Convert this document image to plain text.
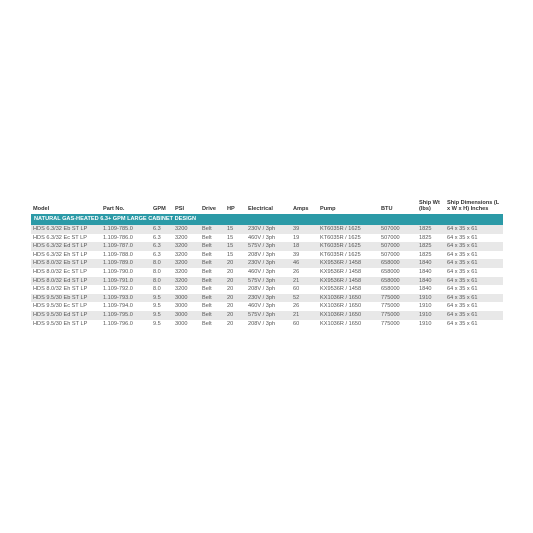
Model	Part No.	GPM	PSI	Drive	HP	Electrical	Amps	Pump	BTU	Ship Wt (lbs)	Ship Dimensions (L x W x H) Inches
NATURAL GAS-HEATED 6.3+ GPM LARGE CABINET DESIGN											
HDS 6.3/32 Eb ST LP	1.109-785.0	6.3	3200	Belt	15	230V / 3ph	39	KT6035R / 1625	507000	1825	64 x 35 x 61
HDS 6.3/32 Ec ST LP	1.109-786.0	6.3	3200	Belt	15	460V / 3ph	19	KT6035R / 1625	507000	1825	64 x 35 x 61
HDS 6.3/32 Ed ST LP	1.109-787.0	6.3	3200	Belt	15	575V / 3ph	18	KT6035R / 1625	507000	1825	64 x 35 x 61
HDS 6.3/32 Eh ST LP	1.109-788.0	6.3	3200	Belt	15	208V / 3ph	39	KT6035R / 1625	507000	1825	64 x 35 x 61
HDS 8.0/32 Eb ST LP	1.109-789.0	8.0	3200	Belt	20	230V / 3ph	46	KX9536R / 1458	658000	1840	64 x 35 x 61
HDS 8.0/32 Ec ST LP	1.109-790.0	8.0	3200	Belt	20	460V / 3ph	26	KX9536R / 1458	658000	1840	64 x 35 x 61
HDS 8.0/32 Ed ST LP	1.109-791.0	8.0	3200	Belt	20	575V / 3ph	21	KX9536R / 1458	658000	1840	64 x 35 x 61
HDS 8.0/32 Eh ST LP	1.109-792.0	8.0	3200	Belt	20	208V / 3ph	60	KX9536R / 1458	658000	1840	64 x 35 x 61
HDS 9.5/30 Eb ST LP	1.109-793.0	9.5	3000	Belt	20	230V / 3ph	52	KX1036R / 1650	775000	1910	64 x 35 x 61
HDS 9.5/30 Ec ST LP	1.109-794.0	9.5	3000	Belt	20	460V / 3ph	26	KX1036R / 1650	775000	1910	64 x 35 x 61
HDS 9.5/30 Ed ST LP	1.109-795.0	9.5	3000	Belt	20	575V / 3ph	21	KX1036R / 1650	775000	1910	64 x 35 x 61
HDS 9.5/30 Eh ST LP	1.109-796.0	9.5	3000	Belt	20	208V / 3ph	60	KX1036R / 1650	775000	1910	64 x 35 x 61
